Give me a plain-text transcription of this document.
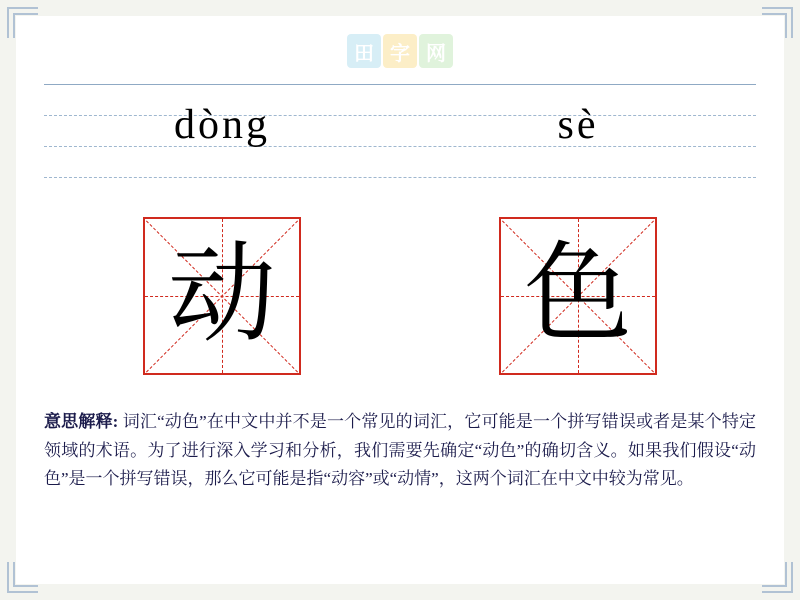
田 字 网
dòng	sè
动 色
意思解释: 词汇“动色”在中文中并不是一个常见的词汇，它可能是一个拼写错误或者是某个特定领域的术语。为了进行深入学习和分析，我们需要先确定“动色”的确切含义。如果我们假设“动色”是一个拼写错误，那么它可能是指“动容”或“动情”，这两个词汇在中文中较为常见。
